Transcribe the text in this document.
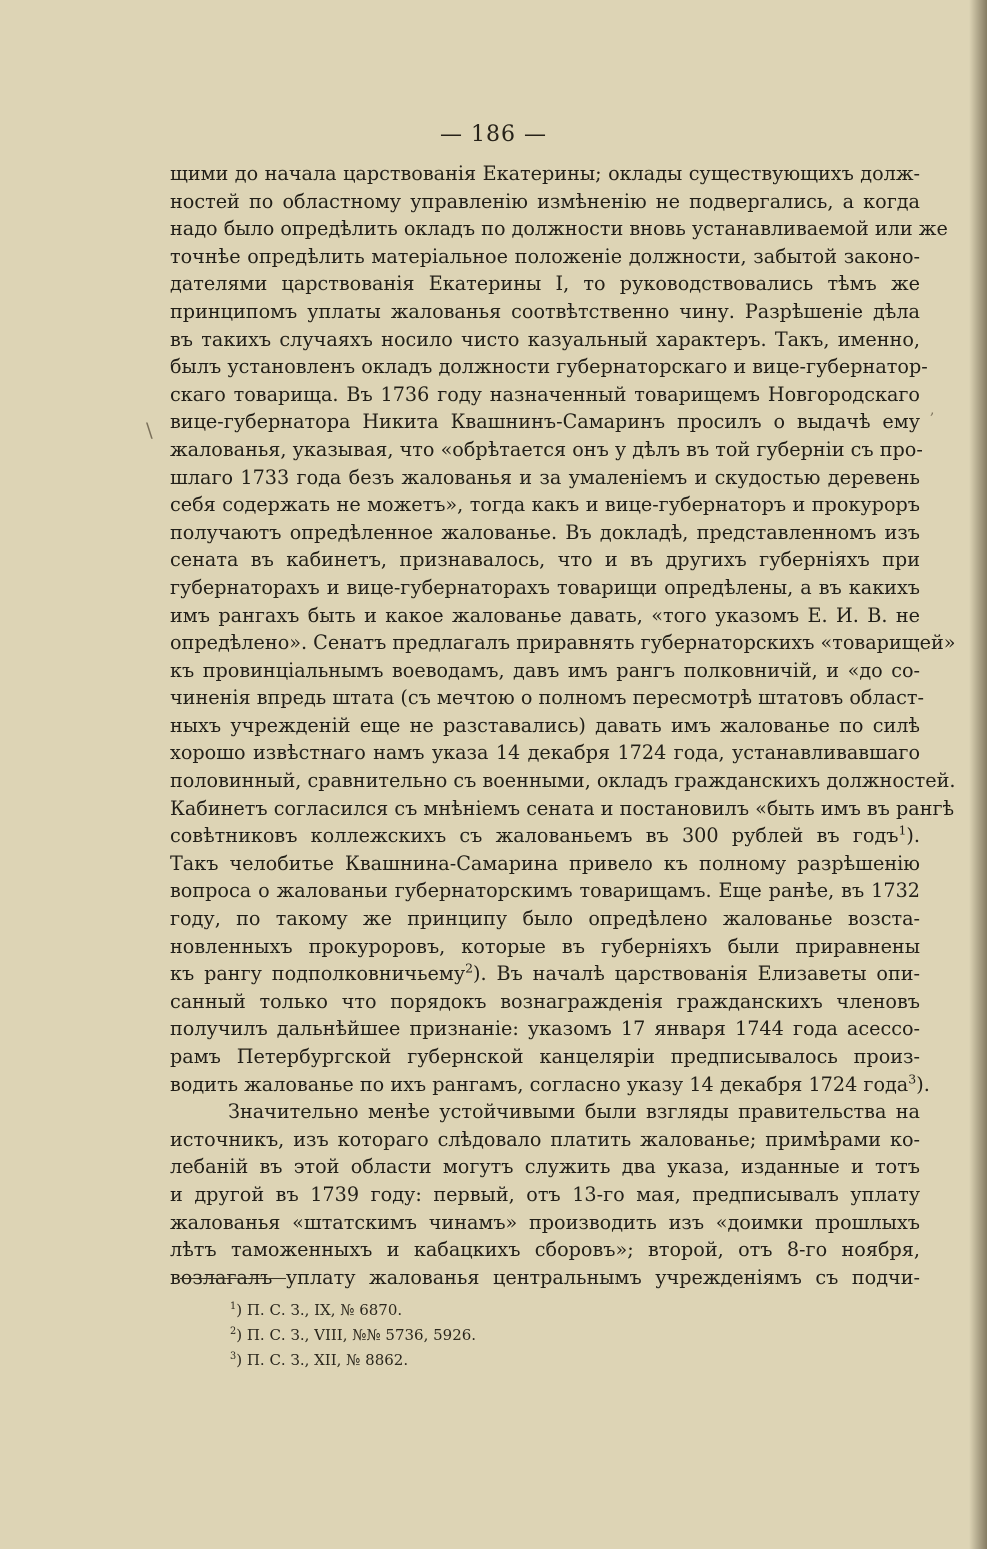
— 186 —
\
,
щими до начала царствованія Екатерины; оклады существующихъ долж-
ностей по областному управленію измѣненію не подвергались, а когда
надо было опредѣлить окладъ по должности вновь устанавливаемой или же
точнѣе опредѣлить матеріальное положеніе должности, забытой законо-
дателями царствованія Екатерины I, то руководствовались тѣмъ же
принципомъ уплаты жалованья соотвѣтственно чину. Разрѣшеніе дѣла
въ такихъ случаяхъ носило чисто казуальный характеръ. Такъ, именно,
былъ установленъ окладъ должности губернаторскаго и вице-губернатор-
скаго товарища. Въ 1736 году назначенный товарищемъ Новгородскаго
вице-губернатора Никита Квашнинъ-Самаринъ просилъ о выдачѣ ему
жалованья, указывая, что «обрѣтается онъ у дѣлъ въ той губерніи съ про-
шлаго 1733 года безъ жалованья и за умаленіемъ и скудостью деревень
себя содержать не можетъ», тогда какъ и вице-губернаторъ и прокуроръ
получаютъ опредѣленное жалованье. Въ докладѣ, представленномъ изъ
сената въ кабинетъ, признавалось, что и въ другихъ губерніяхъ при
губернаторахъ и вице-губернаторахъ товарищи опредѣлены, а въ какихъ
имъ рангахъ быть и какое жалованье давать, «того указомъ Е. И. В. не
опредѣлено». Сенатъ предлагалъ приравнять губернаторскихъ «товарищей»
къ провинціальнымъ воеводамъ, давъ имъ рангъ полковничій, и «до со-
чиненія впредь штата (съ мечтою о полномъ пересмотрѣ штатовъ област-
ныхъ учрежденій еще не разставались) давать имъ жалованье по силѣ
хорошо извѣстнаго намъ указа 14 декабря 1724 года, устанавливавшаго
половинный, сравнительно съ военными, окладъ гражданскихъ должностей.
Кабинетъ согласился съ мнѣніемъ сената и постановилъ «быть имъ въ рангѣ
совѣтниковъ коллежскихъ съ жалованьемъ въ 300 рублей въ годъ$^1$).
Такъ челобитье Квашнина-Самарина привело къ полному разрѣшенію
вопроса о жалованьи губернаторскимъ товарищамъ. Еще ранѣе, въ 1732
году, по такому же принципу было опредѣлено жалованье возста-
новленныхъ прокуроровъ, которые въ губерніяхъ были приравнены
къ рангу подполковничьему$^2$). Въ началѣ царствованія Елизаветы опи-
санный только что порядокъ вознагражденія гражданскихъ членовъ
получилъ дальнѣйшее признаніе: указомъ 17 января 1744 года асессо-
рамъ Петербургской губернской канцеляріи предписывалось произ-
водить жалованье по ихъ рангамъ, согласно указу 14 декабря 1724 года$^3$).
Значительно менѣе устойчивыми были взгляды правительства на
источникъ, изъ котораго слѣдовало платить жалованье; примѣрами ко-
лебаній въ этой области могутъ служить два указа, изданные и тотъ
и другой въ 1739 году: первый, отъ 13-го мая, предписывалъ уплату
жалованья «штатскимъ чинамъ» производить изъ «доимки прошлыхъ
лѣтъ таможенныхъ и кабацкихъ сборовъ»; второй, отъ 8-го ноября,
возлагалъ уплату жалованья центральнымъ учрежденіямъ съ подчи-
$^1$) П. С. З., IX, № 6870.
$^2$) П. С. З., VIII, №№ 5736, 5926.
$^3$) П. С. З., XII, № 8862.
